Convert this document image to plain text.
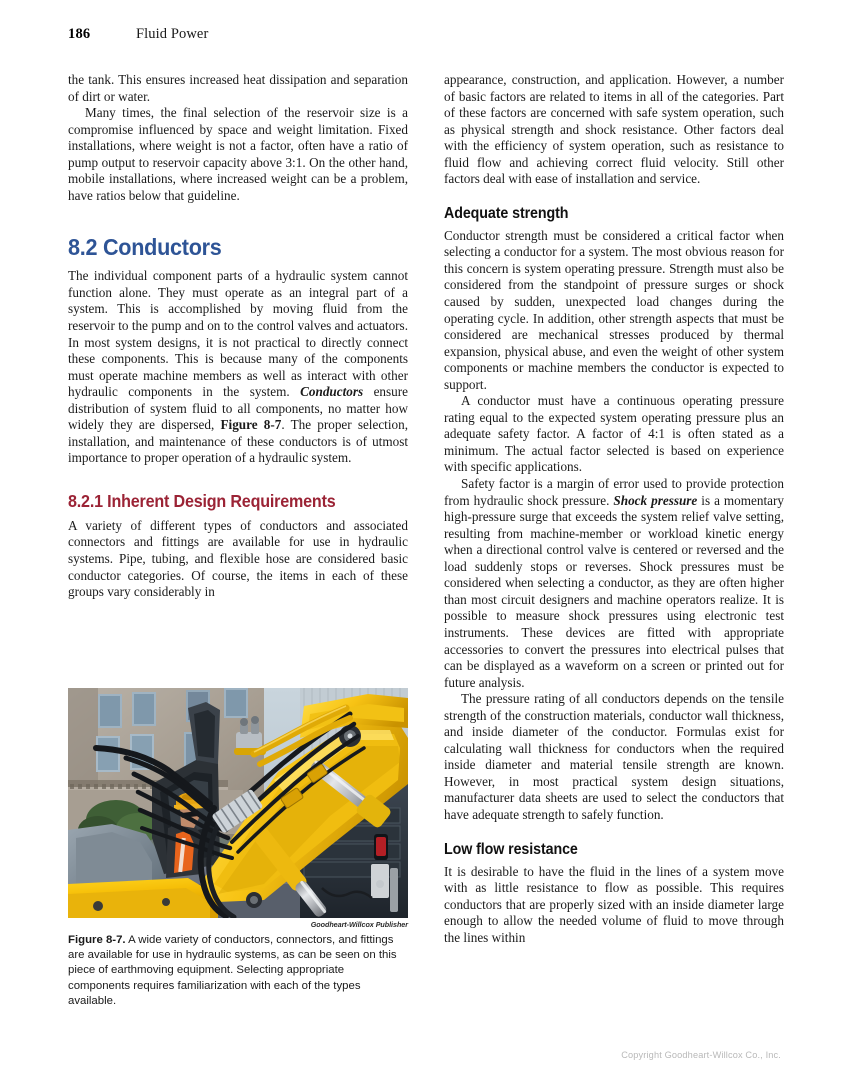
186	Fluid Power

the tank. This ensures increased heat dissipation and separation of dirt or water.

Many times, the final selection of the reservoir size is a compromise influenced by space and weight limitation. Fixed installations, where weight is not a factor, often have a ratio of pump output to reservoir capacity above 3:1. On the other hand, mobile installations, where increased weight can be a problem, have ratios below that guideline.

8.2 Conductors

The individual component parts of a hydraulic system cannot function alone. They must operate as an integral part of a system. This is accomplished by moving fluid from the reservoir to the pump and on to the control valves and actuators. In most system designs, it is not practical to directly connect these components. This is because many of the components must operate machine members as well as interact with other hydraulic components in the system. Conductors ensure distribution of system fluid to all components, no matter how widely they are dispersed, Figure 8-7. The proper selection, installation, and maintenance of these conductors is of utmost importance to proper operation of a hydraulic system.

8.2.1 Inherent Design Requirements

A variety of different types of conductors and associated connectors and fittings are available for use in hydraulic systems. Pipe, tubing, and flexible hose are considered basic conductor categories. Of course, the items in each of these groups vary considerably in

appearance, construction, and application. However, a number of basic factors are related to items in all of the categories. Part of these factors are concerned with safe system operation, such as physical strength and shock resistance. Other factors deal with the efficiency of system operation, such as resistance to fluid flow and achieving correct fluid velocity. Still other factors deal with ease of installation and service.

Adequate strength

Conductor strength must be considered a critical factor when selecting a conductor for a system. The most obvious reason for this concern is system operating pressure. Strength must also be considered from the standpoint of pressure surges or shock caused by sudden, unexpected load changes during the operating cycle. In addition, other strength aspects that must be considered are mechanical stresses produced by thermal expansion, physical abuse, and even the weight of other system components or machine members the conductor is expected to support.

A conductor must have a continuous operating pressure rating equal to the expected system operating pressure plus an adequate safety factor. A factor of 4:1 is often stated as a minimum. The actual factor selected is based on experience with specific applications.

Safety factor is a margin of error used to provide protection from hydraulic shock pressure. Shock pressure is a momentary high-pressure surge that exceeds the system relief valve setting, resulting from machine-member or workload kinetic energy when a directional control valve is centered or reversed and the load suddenly stops or reverses. Shock pressures must be considered when selecting a conductor, as they are often higher than most circuit designers and machine operators realize. It is possible to measure shock pressures using electronic test instruments. These devices are fitted with appropriate accessories to convert the pressures into electrical pulses that can be displayed as a waveform on a screen or printed out for future analysis.

The pressure rating of all conductors depends on the tensile strength of the construction materials, conductor wall thickness, and inside diameter of the conductor. Formulas exist for calculating wall thickness for conductors when the required inside diameter and material tensile strength are known. However, in most practical system design situations, manufacturer data sheets are used to select the conductors that have adequate strength to safely function.

Low flow resistance

It is desirable to have the fluid in the lines of a system move with as little resistance to flow as possible. This requires conductors that are properly sized with an inside diameter large enough to allow the needed volume of fluid to move through the lines within

Goodheart-Willcox Publisher
Figure 8-7. A wide variety of conductors, connectors, and fittings are available for use in hydraulic systems, as can be seen on this piece of earthmoving equipment. Selecting appropriate components requires familiarization with each of the types available.
Copyright Goodheart-Willcox Co., Inc.
